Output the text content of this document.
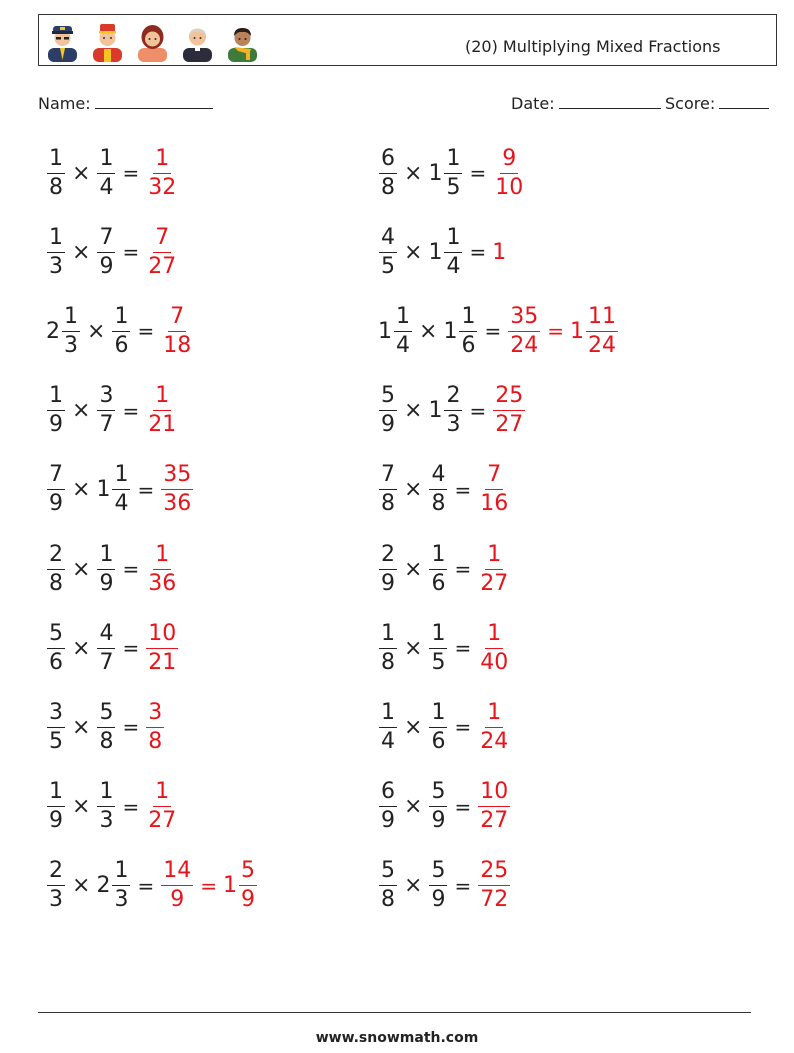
(20) Multiplying Mixed Fractions
Name:	Date:	Score:
$\frac{1}{8} \times \frac{1}{4} = \frac{1}{32}$	$\frac{6}{8} \times 1 \frac{1}{5} = \frac{9}{10}$
$\frac{1}{3} \times \frac{7}{9} = \frac{7}{27}$	$\frac{4}{5} \times 1 \frac{1}{4} = 1$
$2 \frac{1}{3} \times \frac{1}{6} = \frac{7}{18}$	$1 \frac{1}{4} \times 1 \frac{1}{6} = \frac{35}{24} = 1 \frac{11}{24}$
$\frac{1}{9} \times \frac{3}{7} = \frac{1}{21}$	$\frac{5}{9} \times 1 \frac{2}{3} = \frac{25}{27}$
$\frac{7}{9} \times 1 \frac{1}{4} = \frac{35}{36}$	$\frac{7}{8} \times \frac{4}{8} = \frac{7}{16}$
$\frac{2}{8} \times \frac{1}{9} = \frac{1}{36}$	$\frac{2}{9} \times \frac{1}{6} = \frac{1}{27}$
$\frac{5}{6} \times \frac{4}{7} = \frac{10}{21}$	$\frac{1}{8} \times \frac{1}{5} = \frac{1}{40}$
$\frac{3}{5} \times \frac{5}{8} = \frac{3}{8}$	$\frac{1}{4} \times \frac{1}{6} = \frac{1}{24}$
$\frac{1}{9} \times \frac{1}{3} = \frac{1}{27}$	$\frac{6}{9} \times \frac{5}{9} = \frac{10}{27}$
$\frac{2}{3} \times 2 \frac{1}{3} = \frac{14}{9} = 1 \frac{5}{9}$	$\frac{5}{8} \times \frac{5}{9} = \frac{25}{72}$
www.snowmath.com
